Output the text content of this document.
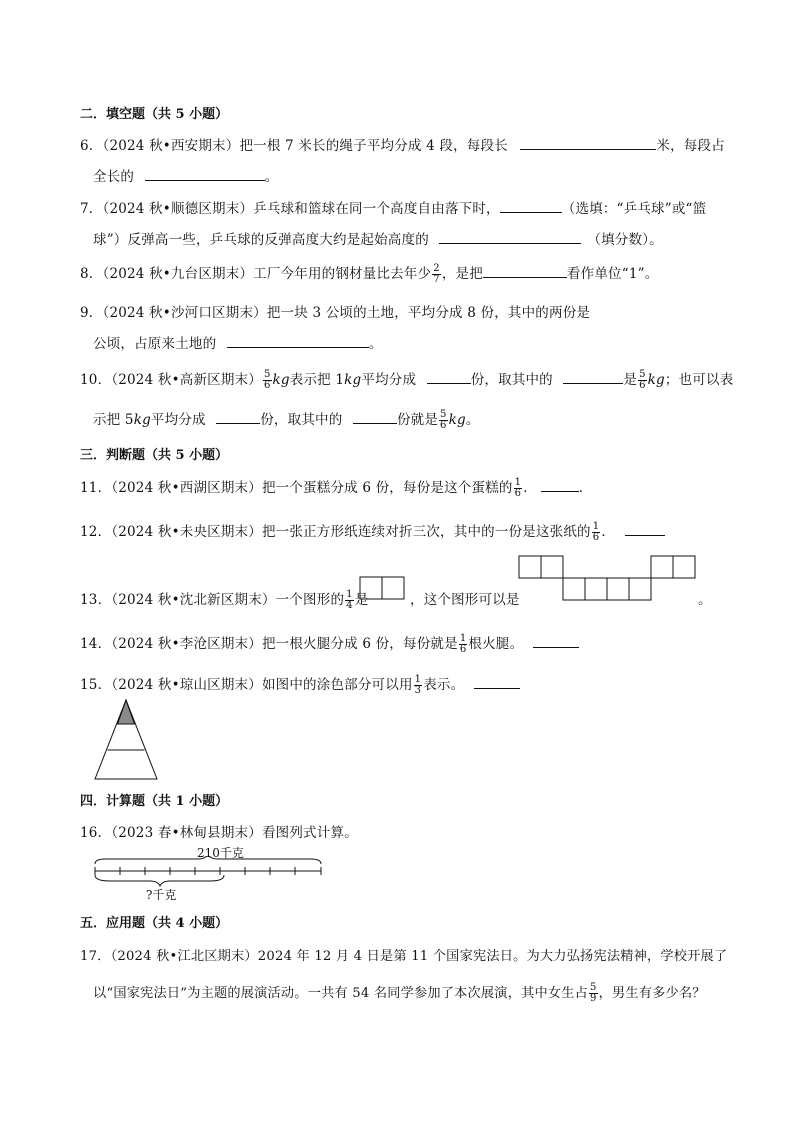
二．填空题（共 5 小题）
6．（2024 秋•西安期末）把一根 7 米长的绳子平均分成 4 段，每段长	米，每段占
全长的	。
7．（2024 秋•顺德区期末）乒乓球和篮球在同一个高度自由落下时，	（选填：“乒乓球”或“篮
球”）反弹高一些，乒乓球的反弹高度大约是起始高度的	（填分数）。
8．（2024 秋•九台区期末）工厂今年用的钢材量比去年少 $\frac{2}{7}$ ，是把	看作单位“1”。
9．（2024 秋•沙河口区期末）把一块 3 公顷的土地，平均分成 8 份，其中的两份是
公顷，占原来土地的	。
10．（2024 秋•高新区期末） $\frac{5}{6}$ kg表示把 1kg平均分成	份，取其中的	是 $\frac{5}{6}$ kg；也可以表
示把 5kg平均分成	份，取其中的	份就是 $\frac{5}{6}$ kg。
三．判断题（共 5 小题）
11．（2024 秋•西湖区期末）把一个蛋糕分成 6 份，每份是这个蛋糕的 $\frac{1}{6}$ ．	．
12．（2024 秋•未央区期末）把一张正方形纸连续对折三次，其中的一份是这张纸的 $\frac{1}{6}$ ．
13．（2024 秋•沈北新区期末）一个图形的 $\frac{1}{4}$ 是	，这个图形可以是	。
14．（2024 秋•李沧区期末）把一根火腿分成 6 份，每份就是 $\frac{1}{6}$ 根火腿。
15．（2024 秋•琼山区期末）如图中的涂色部分可以用 $\frac{1}{3}$ 表示。
四．计算题（共 1 小题）
16．（2023 春•林甸县期末）看图列式计算。
210千克
?千克
五．应用题（共 4 小题）
17．（2024 秋•江北区期末）2024 年 12 月 4 日是第 11 个国家宪法日。为大力弘扬宪法精神，学校开展了
以“国家宪法日”为主题的展演活动。一共有 54 名同学参加了本次展演，其中女生占 $\frac{5}{9}$ ，男生有多少名？
